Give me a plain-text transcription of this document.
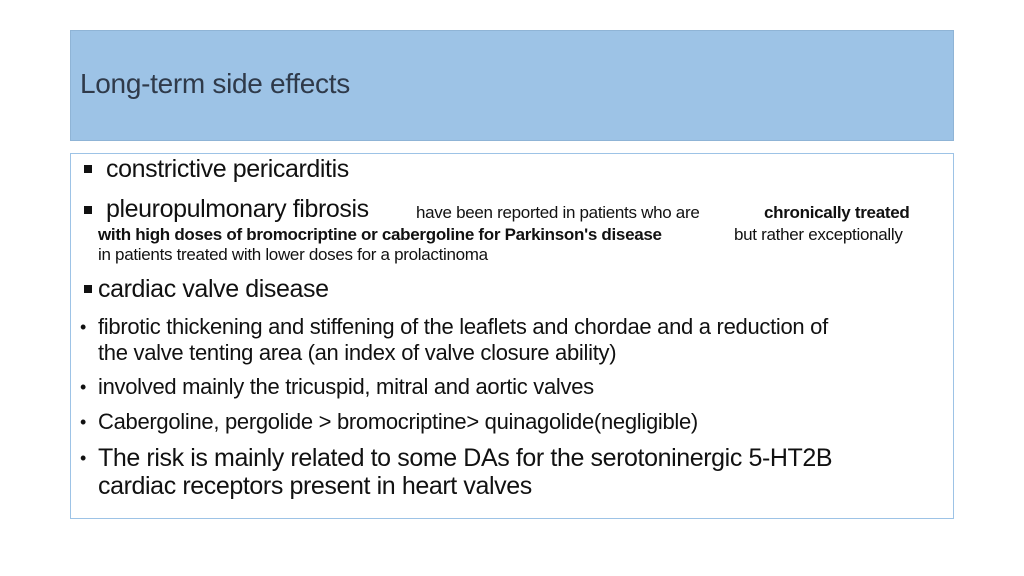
Long-term side effects
constrictive pericarditis
pleuropulmonary fibrosis	have been reported in patients who are	chronically treated
with high doses of bromocriptine or cabergoline for Parkinson's disease	but rather exceptionally
in patients treated with lower doses for a prolactinoma
cardiac valve disease
• fibrotic thickening and stiffening of the leaflets and chordae and a reduction of
the valve tenting area (an index of valve closure ability)
• involved mainly the tricuspid, mitral and aortic valves
• Cabergoline, pergolide > bromocriptine> quinagolide(negligible)
• The risk is mainly related to some DAs for the serotoninergic 5-HT2B
cardiac receptors present in heart valves
